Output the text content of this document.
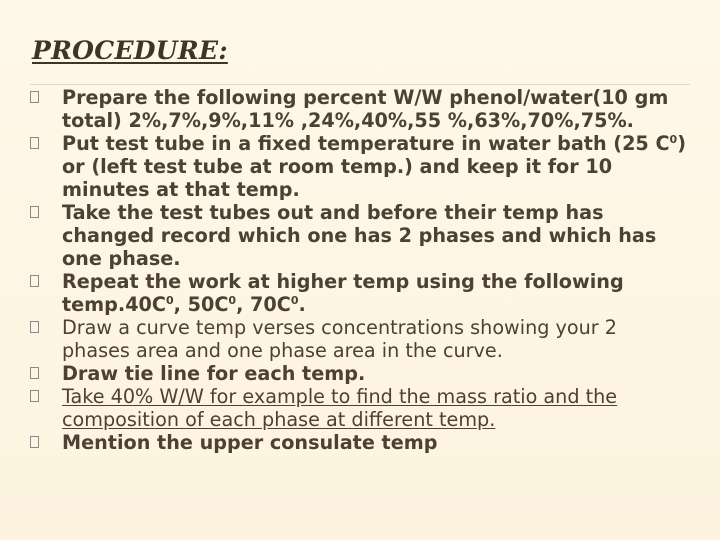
PROCEDURE:
Prepare the following percent W/W phenol/water(10 gm total) 2%,7%,9%,11% ,24%,40%,55 %,63%,70%,75%.
Put test tube in a fixed temperature in water bath (25 $C^0$) or (left test tube at room temp.) and keep it for 10 minutes at that temp.
Take the test tubes out and before their temp has changed record which one has 2 phases and which has one phase.
Repeat the work at higher temp using the following $temp.40C^0$, $50C^0$, $70C^0$.
Draw a curve temp verses concentrations showing your 2 phases area and one phase area in the curve.
Draw tie line for each temp.
Take 40% W/W for example to find the mass ratio and the composition of each phase at different temp.
Mention the upper consulate temp
